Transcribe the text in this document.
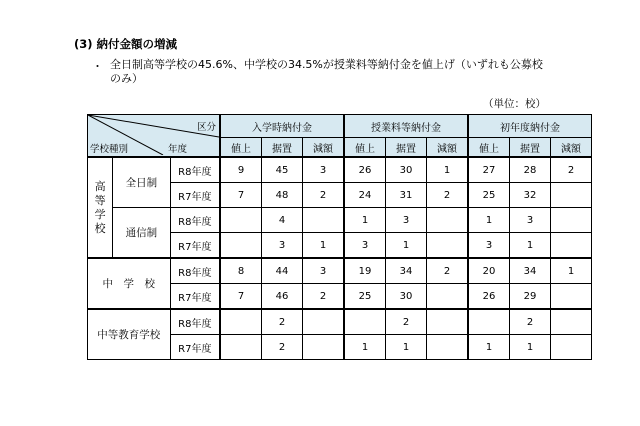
(3) 納付金額の増減
・ 全日制高等学校の45.6%、中学校の34.5%が授業料等納付金を値上げ（いずれも公募校のみ）
（単位：校）
区分
学校種別 年度			入学時納付金			授業料等納付金			初年度納付金		
			値上	据置	減額	値上	据置	減額	値上	据置	減額
高
等
学
校	全日制	R8年度	9	45	3	26	30	1	27	28	2
		R7年度	7	48	2	24	31	2	25	32	
	通信制	R8年度		4		1	3		1	3	
		R7年度		3	1	3	1		3	1	
中　学　校		R8年度	8	44	3	19	34	2	20	34	1
		R7年度	7	46	2	25	30		26	29	
中等教育学校		R8年度		2			2			2	
		R7年度		2		1	1		1	1	
